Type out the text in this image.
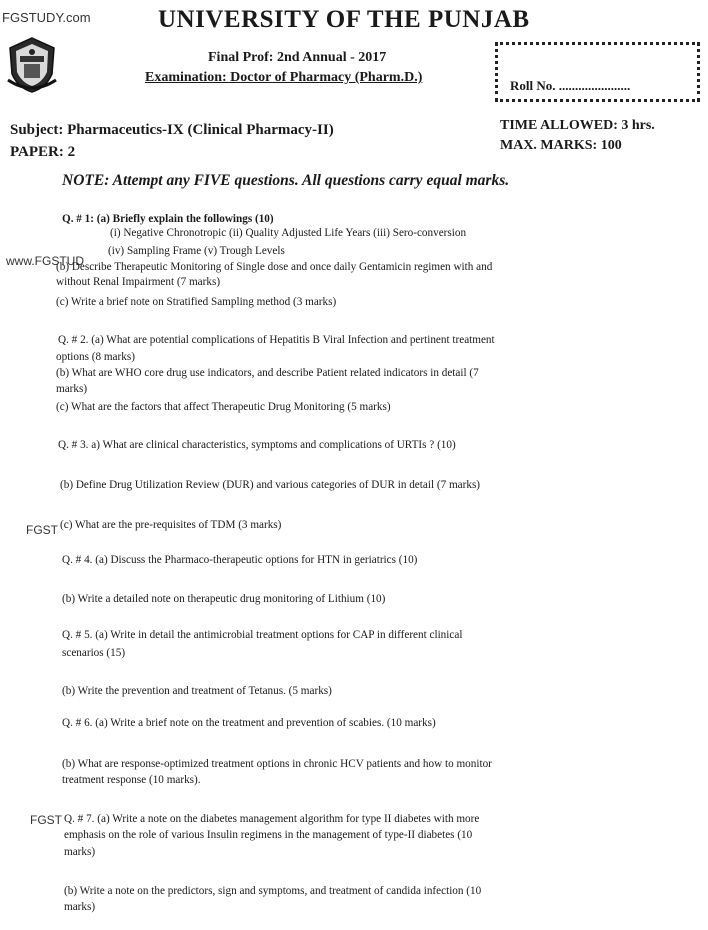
FGSTUDY.com
www.FGSTUD
FGST
FGST
UNIVERSITY OF THE PUNJAB
Final Prof: 2nd Annual - 2017
Examination: Doctor of Pharmacy (Pharm.D.)
Roll No. ......................
Subject: Pharmaceutics-IX (Clinical Pharmacy-II)
PAPER: 2
TIME ALLOWED: 3 hrs.
MAX. MARKS: 100
NOTE: Attempt any FIVE questions. All questions carry equal marks.
Q. # 1: (a) Briefly explain the followings (10)
(i) Negative Chronotropic (ii) Quality Adjusted Life Years (iii) Sero-conversion
(iv) Sampling Frame (v) Trough Levels
(b) Describe Therapeutic Monitoring of Single dose and once daily Gentamicin regimen with and
without Renal Impairment (7 marks)
(c) Write a brief note on Stratified Sampling method (3 marks)
Q. # 2. (a) What are potential complications of Hepatitis B Viral Infection and pertinent treatment
options (8 marks)
(b) What are WHO core drug use indicators, and describe Patient related indicators in detail (7
marks)
(c) What are the factors that affect Therapeutic Drug Monitoring (5 marks)
Q. # 3. a) What are clinical characteristics, symptoms and complications of URTIs ? (10)
(b) Define Drug Utilization Review (DUR) and various categories of DUR in detail (7 marks)
(c) What are the pre-requisites of TDM (3 marks)
Q. # 4. (a) Discuss the Pharmaco-therapeutic options for HTN in geriatrics (10)
(b) Write a detailed note on therapeutic drug monitoring of Lithium (10)
Q. # 5. (a) Write in detail the antimicrobial treatment options for CAP in different clinical
scenarios (15)
(b) Write the prevention and treatment of Tetanus. (5 marks)
Q. # 6. (a) Write a brief note on the treatment and prevention of scabies. (10 marks)
(b) What are response-optimized treatment options in chronic HCV patients and how to monitor
treatment response (10 marks).
Q. # 7. (a) Write a note on the diabetes management algorithm for type II diabetes with more
emphasis on the role of various Insulin regimens in the management of type-II diabetes (10
marks)
(b) Write a note on the predictors, sign and symptoms, and treatment of candida infection (10
marks)
